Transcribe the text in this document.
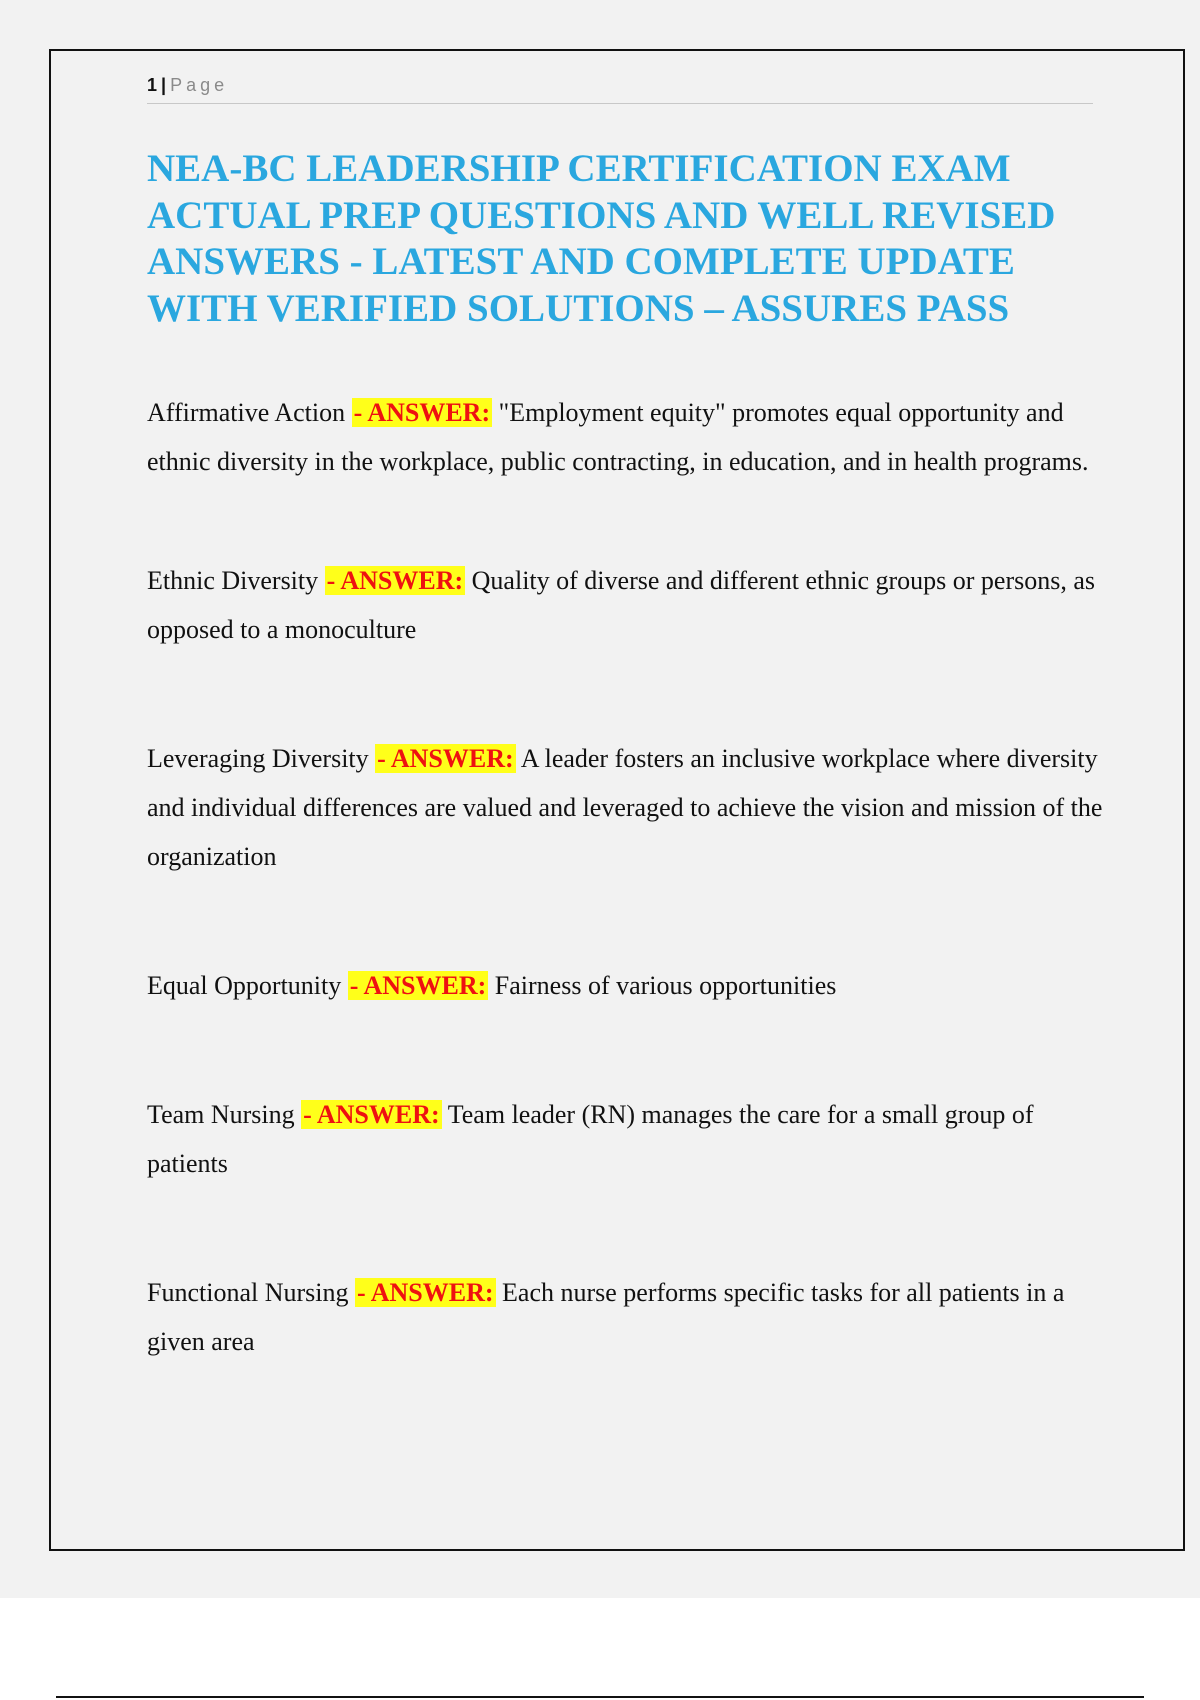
1 | Page
NEA-BC LEADERSHIP CERTIFICATION EXAM ACTUAL PREP QUESTIONS AND WELL REVISED ANSWERS - LATEST AND COMPLETE UPDATE WITH VERIFIED SOLUTIONS – ASSURES PASS

Affirmative Action - ANSWER: "Employment equity" promotes equal opportunity and ethnic diversity in the workplace, public contracting, in education, and in health programs.

Ethnic Diversity - ANSWER: Quality of diverse and different ethnic groups or persons, as opposed to a monoculture

Leveraging Diversity - ANSWER: A leader fosters an inclusive workplace where diversity and individual differences are valued and leveraged to achieve the vision and mission of the organization

Equal Opportunity - ANSWER: Fairness of various opportunities

Team Nursing - ANSWER: Team leader (RN) manages the care for a small group of patients

Functional Nursing - ANSWER: Each nurse performs specific tasks for all patients in a given area
